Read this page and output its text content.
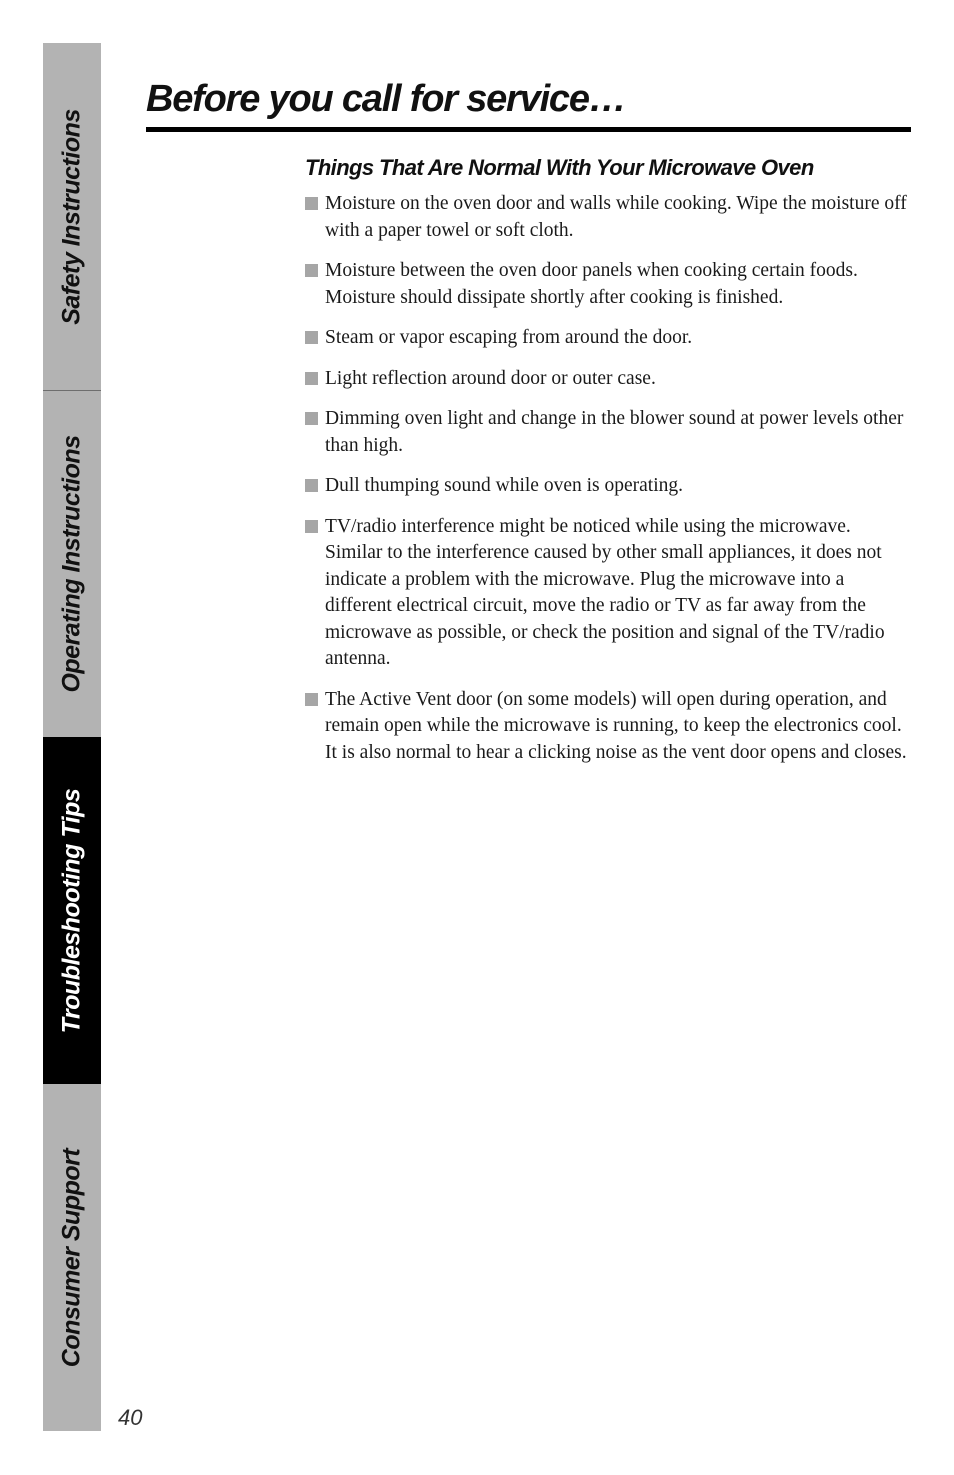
Safety Instructions
Operating Instructions
Troubleshooting Tips
Consumer Support
Before you call for service…
Things That Are Normal With Your Microwave Oven
Moisture on the oven door and walls while cooking. Wipe the moisture off with a paper towel or soft cloth.
Moisture between the oven door panels when cooking certain foods. Moisture should dissipate shortly after cooking is finished.
Steam or vapor escaping from around the door.
Light reflection around door or outer case.
Dimming oven light and change in the blower sound at power levels other than high.
Dull thumping sound while oven is operating.
TV/radio interference might be noticed while using the microwave. Similar to the interference caused by other small appliances, it does not indicate a problem with the microwave. Plug the microwave into a different electrical circuit, move the radio or TV as far away from the microwave as possible, or check the position and signal of the TV/radio antenna.
The Active Vent door (on some models) will open during operation, and remain open while the microwave is running, to keep the electronics cool. It is also normal to hear a clicking noise as the vent door opens and closes.
40
